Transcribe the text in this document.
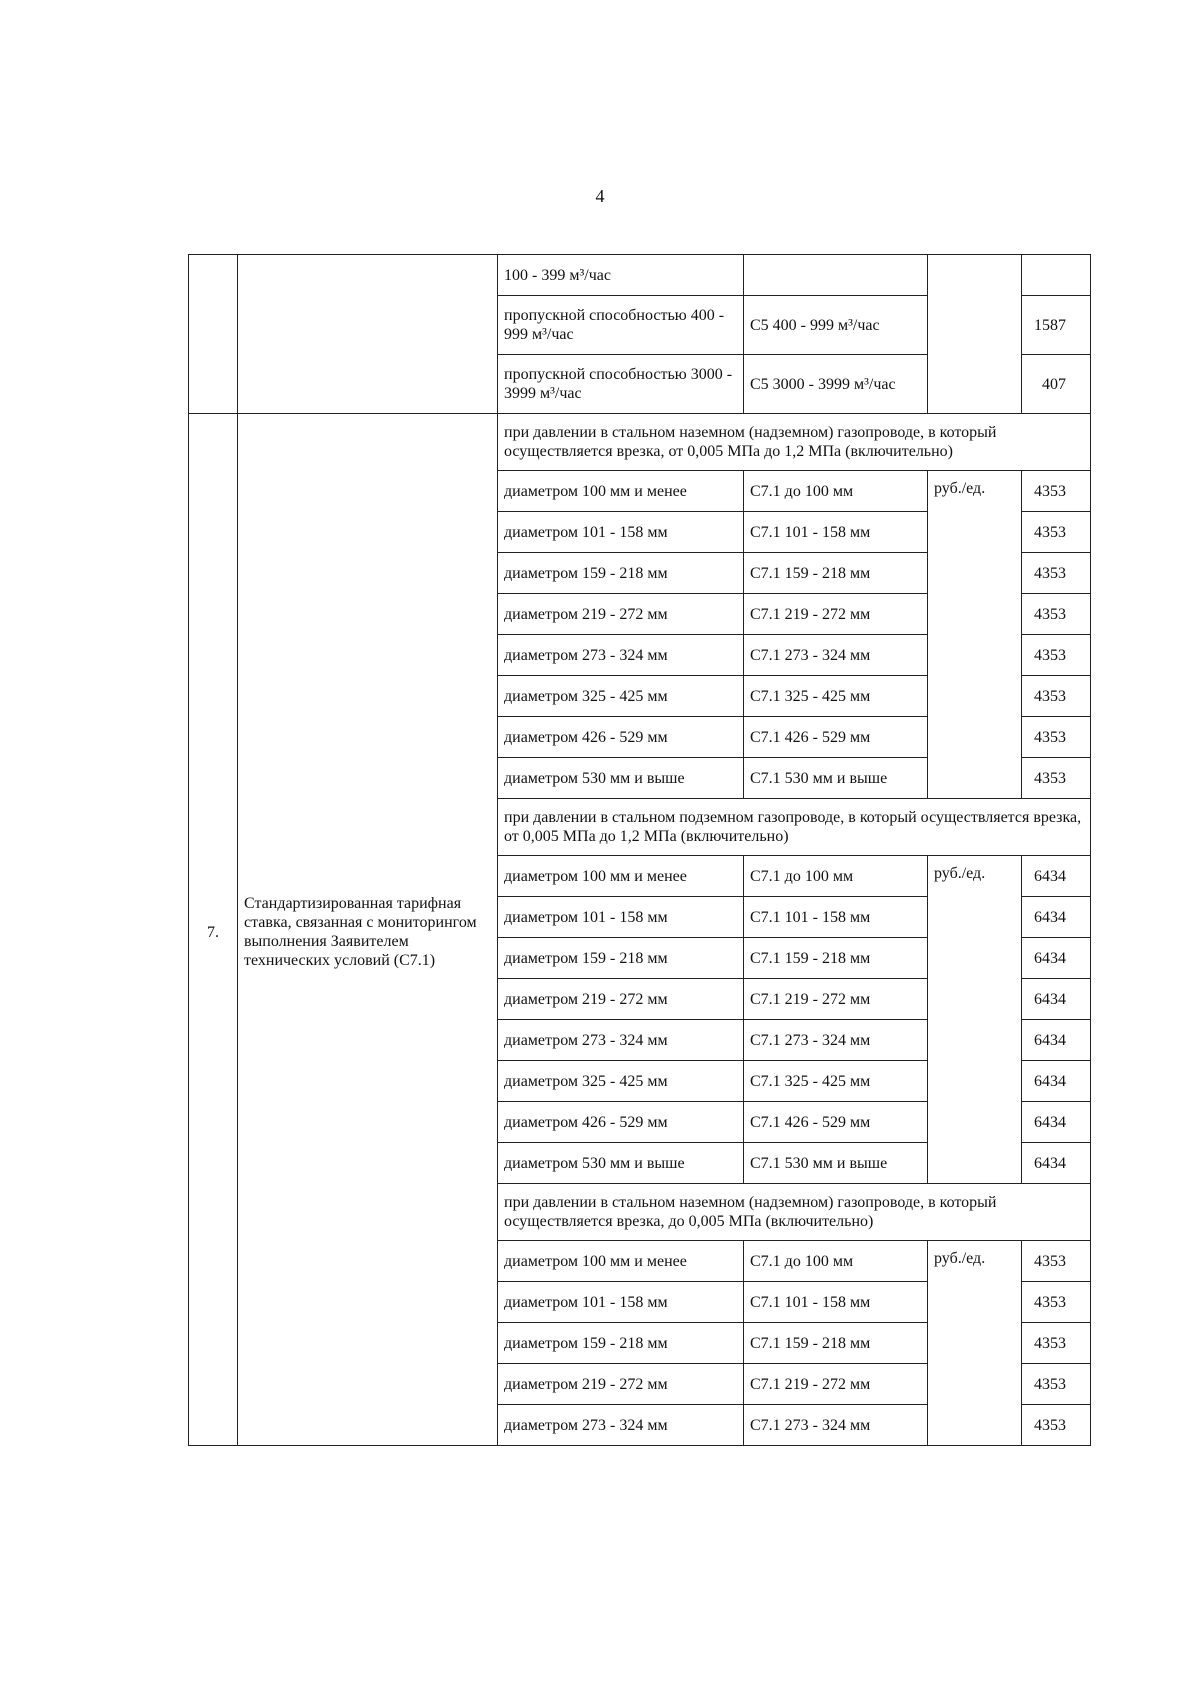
4
		100 - 399 м³/час			
		пропускной способностью 400 - 999 м³/час	C5 400 - 999 м³/час		1587
		пропускной способностью 3000 - 3999 м³/час	C5 3000 - 3999 м³/час		407
7.	Стандартизированная тарифная ставка, связанная с мониторингом выполнения Заявителем технических условий (C7.1)	при давлении в стальном наземном (надземном) газопроводе, в который осуществляется врезка, от 0,005 МПа до 1,2 МПа (включительно)			
		диаметром 100 мм и менее	C7.1 до 100 мм	руб./ед.	4353
		диаметром 101 - 158 мм	C7.1 101 - 158 мм		4353
		диаметром 159 - 218 мм	C7.1 159 - 218 мм		4353
		диаметром 219 - 272 мм	C7.1 219 - 272 мм		4353
		диаметром 273 - 324 мм	C7.1 273 - 324 мм		4353
		диаметром 325 - 425 мм	C7.1 325 - 425 мм		4353
		диаметром 426 - 529 мм	C7.1 426 - 529 мм		4353
		диаметром 530 мм и выше	C7.1 530 мм и выше		4353
		при давлении в стальном подземном газопроводе, в который осуществляется врезка, от 0,005 МПа до 1,2 МПа (включительно)			
		диаметром 100 мм и менее	C7.1 до 100 мм	руб./ед.	6434
		диаметром 101 - 158 мм	C7.1 101 - 158 мм		6434
		диаметром 159 - 218 мм	C7.1 159 - 218 мм		6434
		диаметром 219 - 272 мм	C7.1 219 - 272 мм		6434
		диаметром 273 - 324 мм	C7.1 273 - 324 мм		6434
		диаметром 325 - 425 мм	C7.1 325 - 425 мм		6434
		диаметром 426 - 529 мм	C7.1 426 - 529 мм		6434
		диаметром 530 мм и выше	C7.1 530 мм и выше		6434
		при давлении в стальном наземном (надземном) газопроводе, в который осуществляется врезка, до 0,005 МПа (включительно)			
		диаметром 100 мм и менее	C7.1 до 100 мм	руб./ед.	4353
		диаметром 101 - 158 мм	C7.1 101 - 158 мм		4353
		диаметром 159 - 218 мм	C7.1 159 - 218 мм		4353
		диаметром 219 - 272 мм	C7.1 219 - 272 мм		4353
		диаметром 273 - 324 мм	C7.1 273 - 324 мм		4353
